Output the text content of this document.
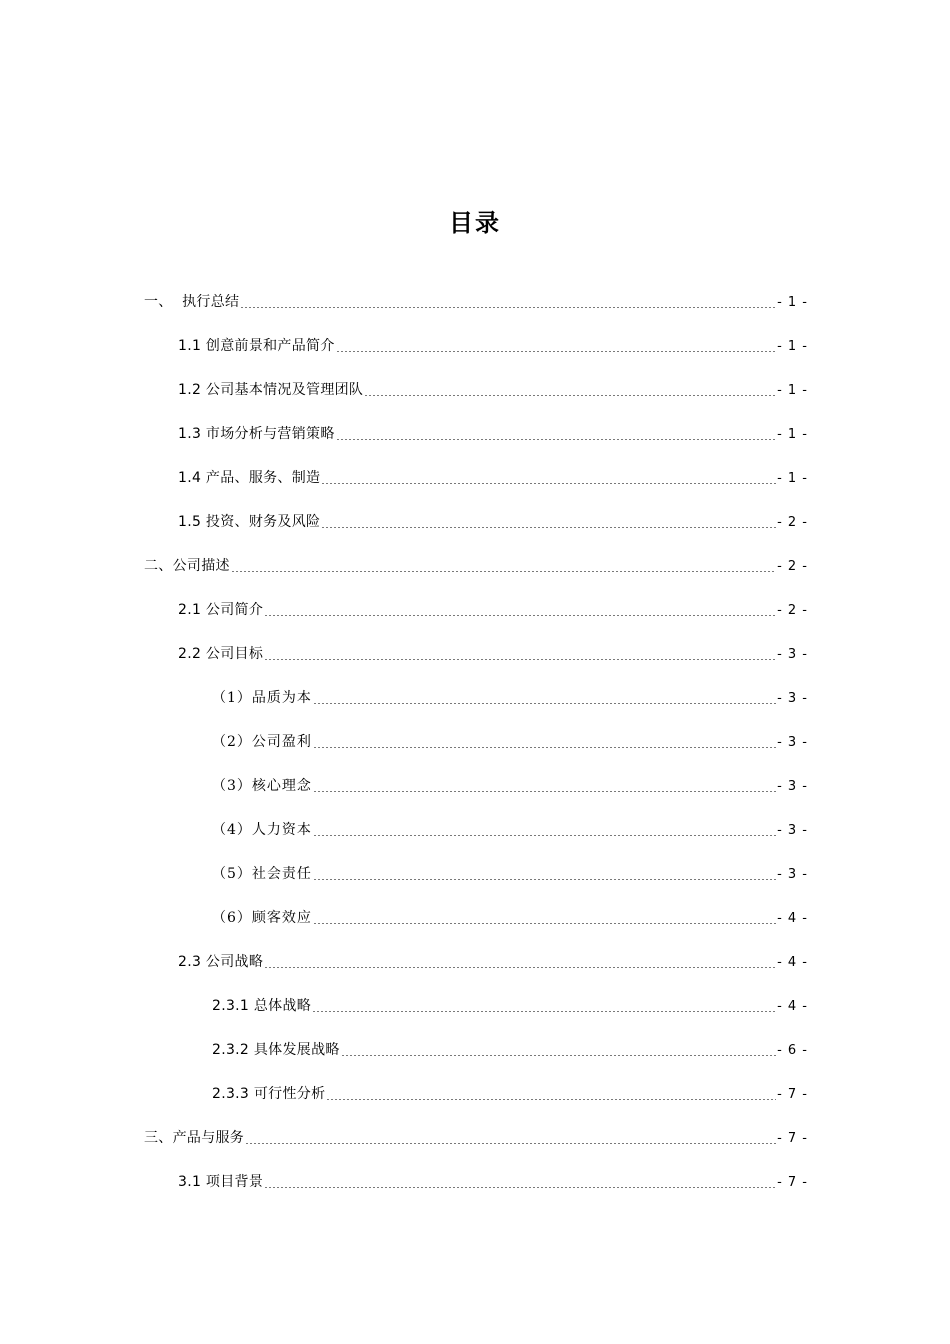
目录
一、  执行总结	- 1 -
1.1 创意前景和产品简介	- 1 -
1.2 公司基本情况及管理团队	- 1 -
1.3 市场分析与营销策略	- 1 -
1.4 产品、服务、制造	- 1 -
1.5 投资、财务及风险	- 2 -
二、公司描述	- 2 -
2.1 公司简介	- 2 -
2.2 公司目标	- 3 -
（1）品质为本	- 3 -
（2）公司盈利	- 3 -
（3）核心理念	- 3 -
（4）人力资本	- 3 -
（5）社会责任	- 3 -
（6）顾客效应	- 4 -
2.3 公司战略	- 4 -
2.3.1 总体战略	- 4 -
2.3.2 具体发展战略	- 6 -
2.3.3 可行性分析	- 7 -
三、产品与服务	- 7 -
3.1 项目背景	- 7 -
